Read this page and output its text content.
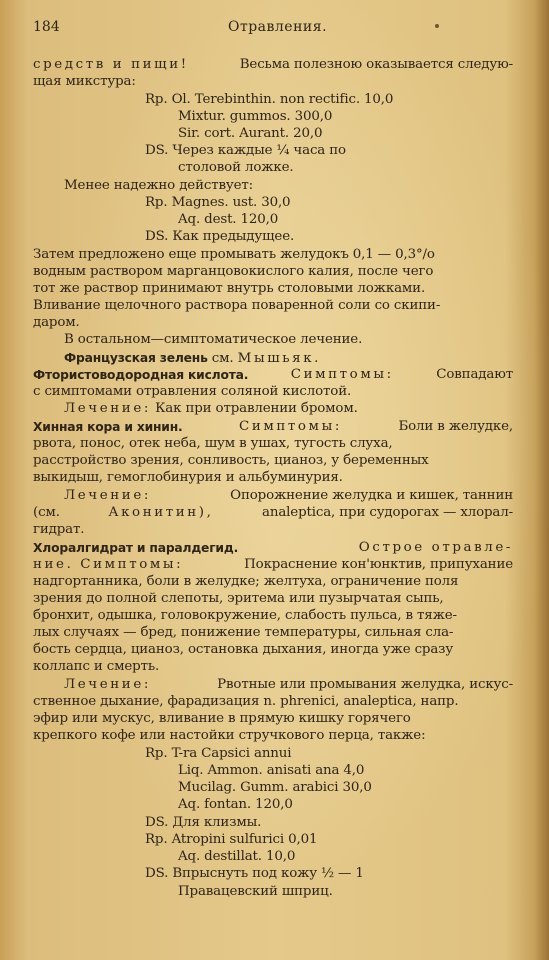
184	Отравления.
средств и пищи!	Весьма полезною оказывается следую-
щая микстура:
Rp. Ol. Terebinthin. non rectific. 10,0
Mixtur. gummos. 300,0
Sir. cort. Aurant. 20,0
DS. Через каждые ¼ часа по
столовой ложке.
Менее надежно действует:
Rp. Magnes. ust. 30,0
Aq. dest. 120,0
DS. Как предыдущее.
Затем предложено еще промывать желудокъ 0,1 — 0,3°/о
водным раствором марганцовокислого калия, после чего
тот же раствор принимают внутрь столовыми ложками.
Вливание щелочного раствора поваренной соли со скипи-
даром.
В остальном—симптоматическое лечение.
Французская зелень см. Мышьяк.
Фтористоводородная кислота.	Симптомы:	Совпадают
с симптомами отравления соляной кислотой.
Лечение: Как при отравлении бромом.
Хинная кора и хинин.	Симптомы:	Боли в желудке,
рвота, понос, отек неба, шум в ушах, тугость слуха,
расстройство зрения, сонливость, цианоз, у беременных
выкидыш, гемоглобинурия и альбуминурия.
Лечение:	Опорожнение желудка и кишек, таннин
(см.	Аконитин),	analeptica, при судорогах — хлорал-
гидрат.
Хлоралгидрат и паралдегид.	Острое отравле-
ние. Симптомы:	Покраснение кон'юнктив, припухание
надгортанника, боли в желудке; желтуха, ограничение поля
зрения до полной слепоты, эритема или пузырчатая сыпь,
бронхит, одышка, головокружение, слабость пульса, в тяже-
лых случаях — бред, понижение температуры, сильная сла-
бость сердца, цианоз, остановка дыхания, иногда уже сразу
коллапс и смерть.
Лечение:	Рвотные или промывания желудка, искус-
ственное дыхание, фарадизация n. phrenici, analeptica, напр.
эфир или мускус, вливание в прямую кишку горячего
крепкого кофе или настойки стручкового перца, также:
Rp. T-ra Capsici annui
Liq. Ammon. anisati ana 4,0
Mucilag. Gumm. arabici 30,0
Aq. fontan. 120,0
DS. Для клизмы.
Rp. Atropini sulfurici 0,01
Aq. destillat. 10,0
DS. Впрыснуть под кожу ½ — 1
Правацевский шприц.
